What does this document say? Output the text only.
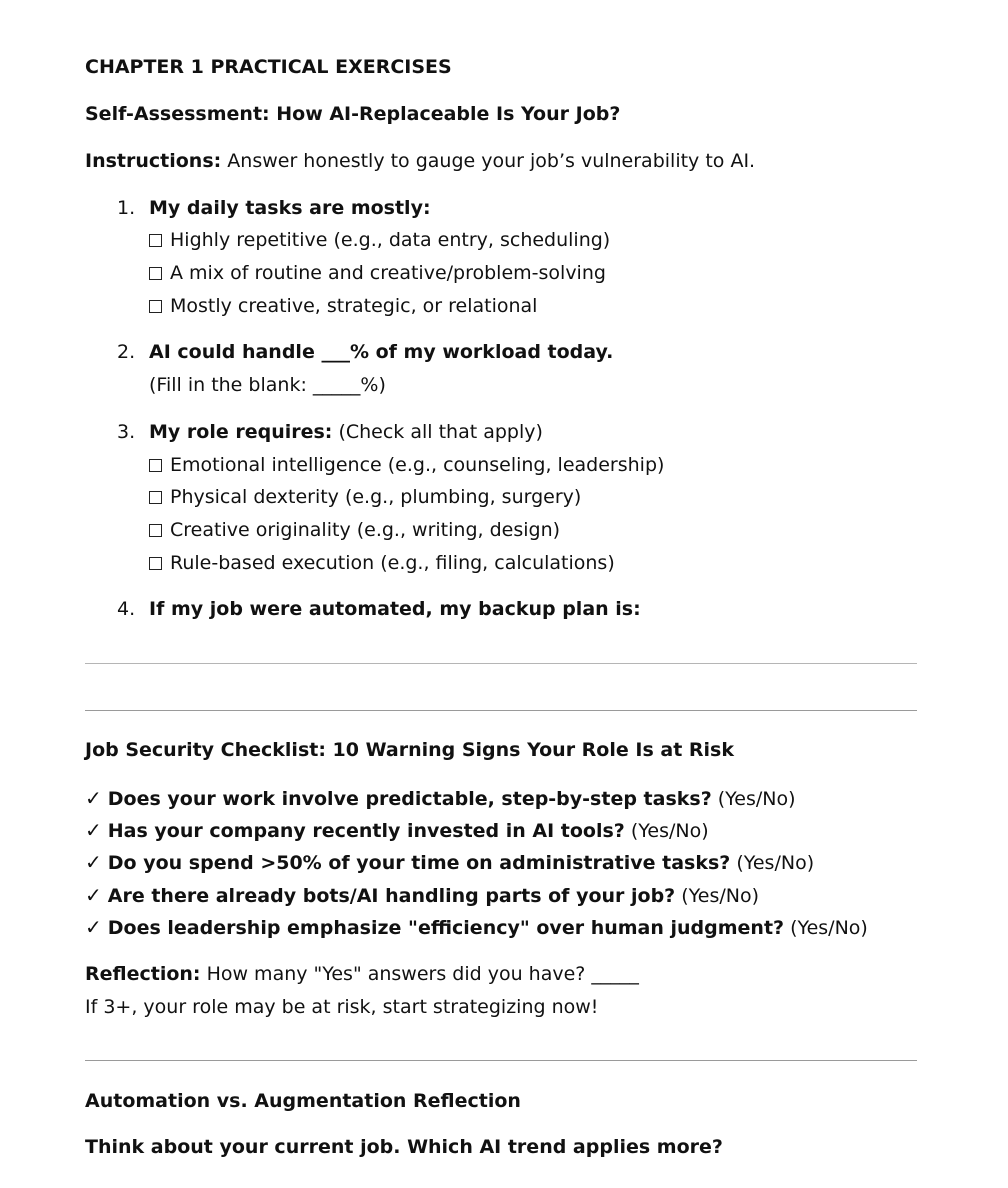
CHAPTER 1 PRACTICAL EXERCISES
Self-Assessment: How AI-Replaceable Is Your Job?
Instructions: Answer honestly to gauge your job’s vulnerability to AI.
1. My daily tasks are mostly:
Highly repetitive (e.g., data entry, scheduling)
A mix of routine and creative/problem-solving
Mostly creative, strategic, or relational
2. AI could handle ___% of my workload today.
(Fill in the blank: _____%)
3. My role requires: (Check all that apply)
Emotional intelligence (e.g., counseling, leadership)
Physical dexterity (e.g., plumbing, surgery)
Creative originality (e.g., writing, design)
Rule-based execution (e.g., filing, calculations)
4. If my job were automated, my backup plan is:
Job Security Checklist: 10 Warning Signs Your Role Is at Risk
✓ Does your work involve predictable, step-by-step tasks? (Yes/No)
✓ Has your company recently invested in AI tools? (Yes/No)
✓ Do you spend >50% of your time on administrative tasks? (Yes/No)
✓ Are there already bots/AI handling parts of your job? (Yes/No)
✓ Does leadership emphasize "efficiency" over human judgment? (Yes/No)
Reflection: How many "Yes" answers did you have? _____
If 3+, your role may be at risk, start strategizing now!
Automation vs. Augmentation Reflection
Think about your current job. Which AI trend applies more?
